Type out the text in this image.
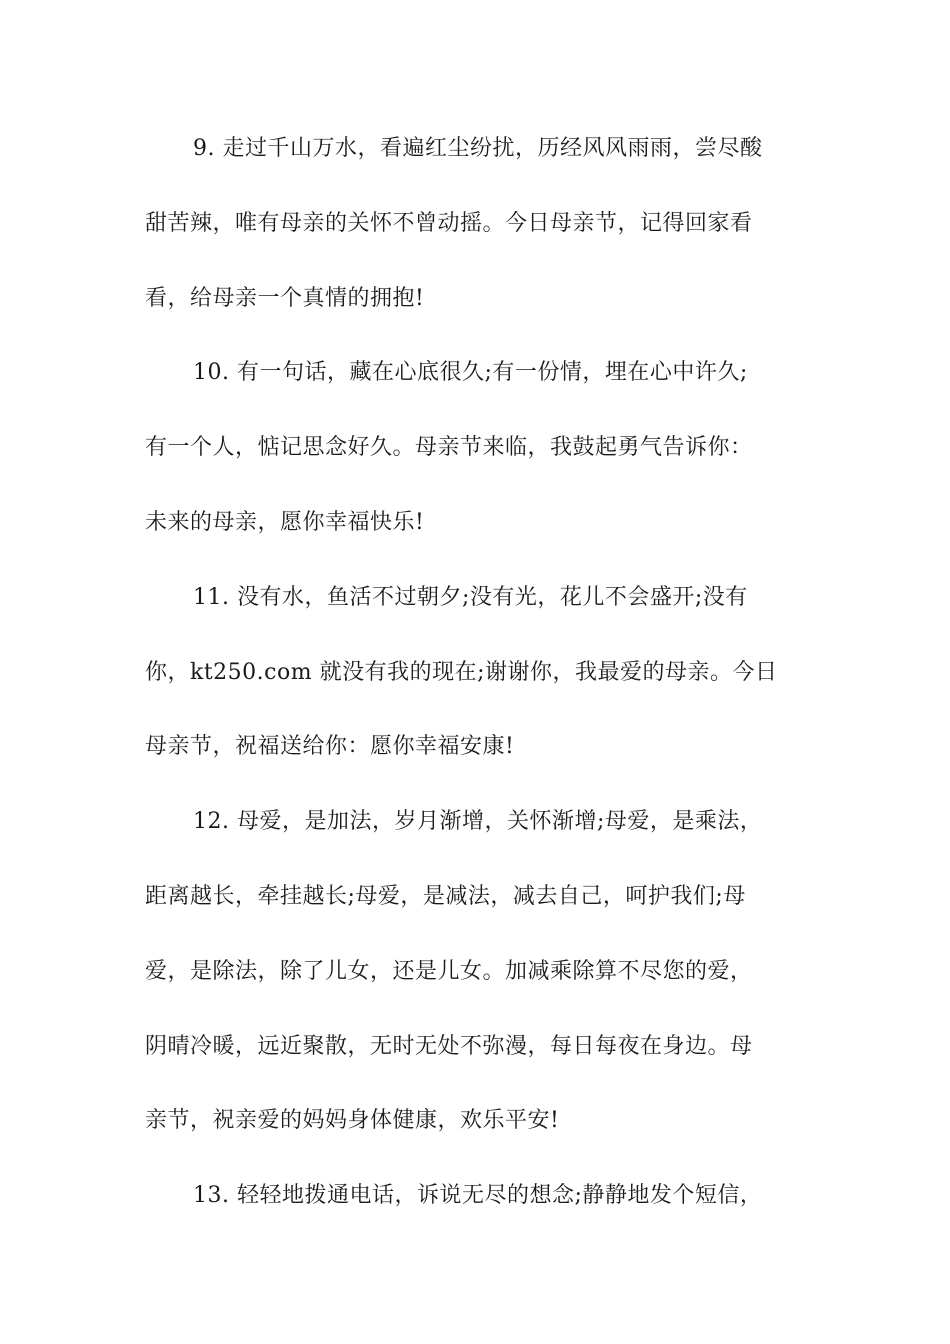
9. 走过千山万水，看遍红尘纷扰，历经风风雨雨，尝尽酸
甜苦辣，唯有母亲的关怀不曾动摇。今日母亲节，记得回家看
看，给母亲一个真情的拥抱!
10. 有一句话，藏在心底很久;有一份情，埋在心中许久;
有一个人，惦记思念好久。母亲节来临，我鼓起勇气告诉你：
未来的母亲，愿你幸福快乐!
11. 没有水，鱼活不过朝夕;没有光，花儿不会盛开;没有
你，kt250.com 就没有我的现在;谢谢你，我最爱的母亲。今日
母亲节，祝福送给你：愿你幸福安康!
12. 母爱，是加法，岁月渐增，关怀渐增;母爱，是乘法，
距离越长，牵挂越长;母爱，是减法，减去自己，呵护我们;母
爱，是除法，除了儿女，还是儿女。加减乘除算不尽您的爱，
阴晴冷暖，远近聚散，无时无处不弥漫，每日每夜在身边。母
亲节，祝亲爱的妈妈身体健康，欢乐平安!
13. 轻轻地拨通电话，诉说无尽的想念;静静地发个短信，
